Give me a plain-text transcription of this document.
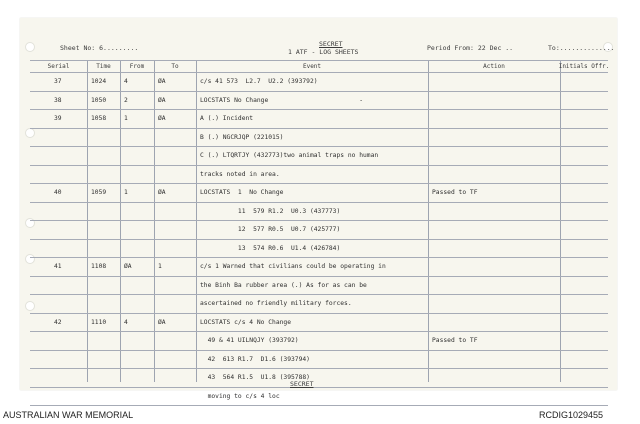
Sheet No: 6.........	SECRET
1 ATF - LOG SHEETS	Period From: 22 Dec ..	To:..............
Serial	Time	From	To	Event	Action	Initials Offr.
37	1024	4	ØA	c/s 41 573  L2.7  U2.2 (393792)
38	1050	2	ØA	LOCSTATS No Change                        -
39	1058	1	ØA	A (.) Incident
B (.) NGCRJQP (221015)
C (.) LTQRTJY (432773)two animal traps no human
tracks noted in area.
40	1059	1	ØA	LOCSTATS  1  No Change	Passed to TF
11  579 R1.2  U0.3 (437773)
12  577 R0.5  U0.7 (425777)
13  574 R0.6  U1.4 (426784)
41	1108	ØA	1	c/s 1 Warned that civilians could be operating in
the Binh Ba rubber area (.) As for as can be
ascertained no friendly military forces.
42	1110	4	ØA	LOCSTATS c/s 4 No Change
49 & 41 UILNQJY (393792)	Passed to TF
42  613 R1.7  D1.6 (393794)
43  564 R1.5  U1.8 (395788)
moving to c/s 4 loc
SECRET
AUSTRALIAN WAR MEMORIAL	RCDIG1029455
